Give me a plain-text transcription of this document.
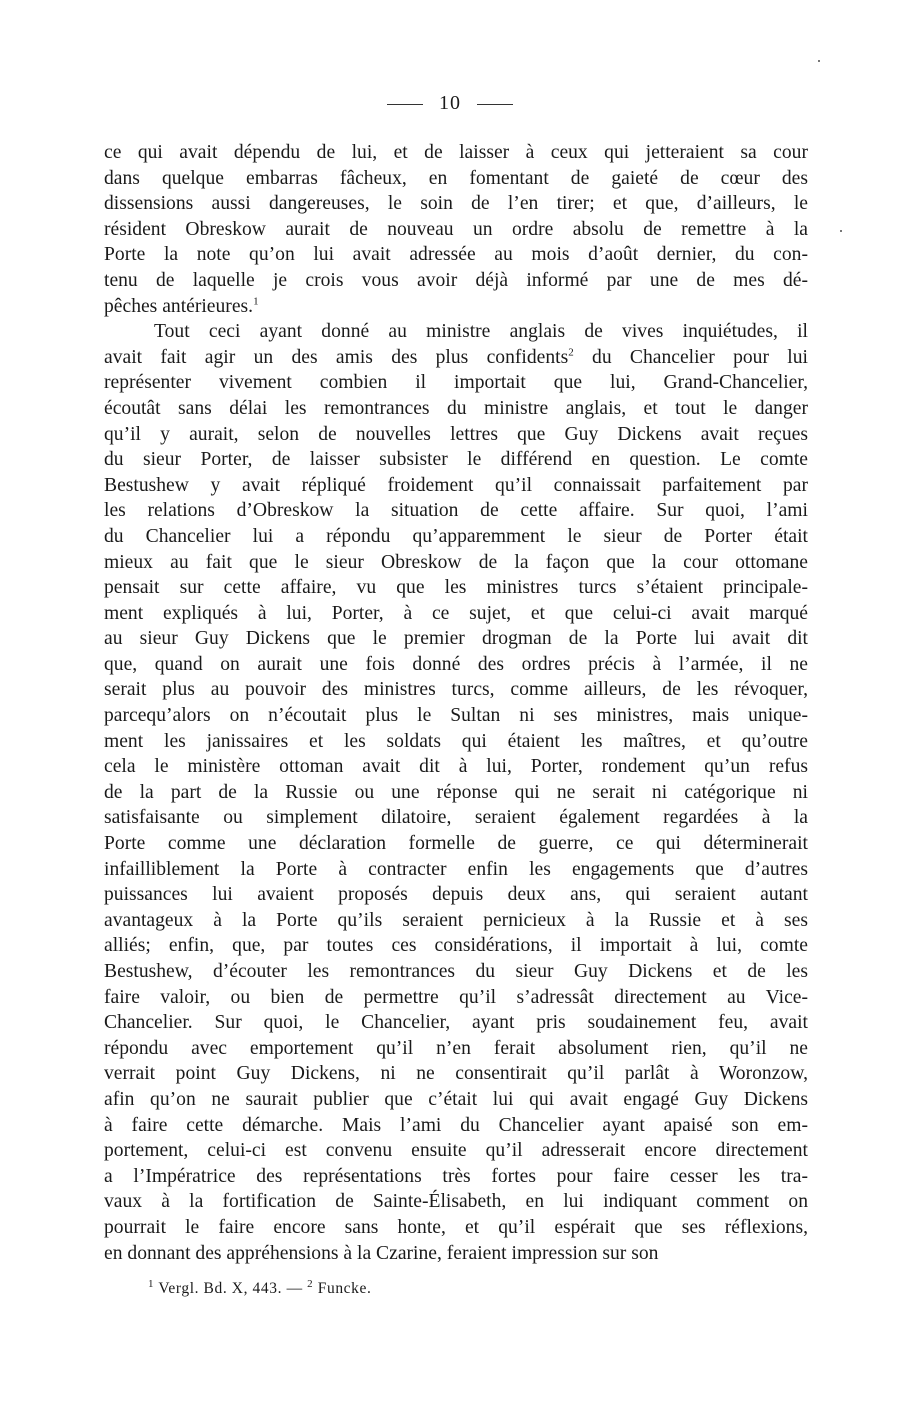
10
ce qui avait dépendu de lui, et de laisser à ceux qui jetteraient sa cour
dans quelque embarras fâcheux, en fomentant de gaieté de cœur des
dissensions aussi dangereuses, le soin de l’en tirer; et que, d’ailleurs, le
résident Obreskow aurait de nouveau un ordre absolu de remettre à la
Porte la note qu’on lui avait adressée au mois d’août dernier, du con-
tenu de laquelle je crois vous avoir déjà informé par une de mes dé-
pêches antérieures.$^1$
Tout ceci ayant donné au ministre anglais de vives inquiétudes, il
avait fait agir un des amis des plus confidents$^2$ du Chancelier pour lui
représenter vivement combien il importait que lui, Grand-Chancelier,
écoutât sans délai les remontrances du ministre anglais, et tout le danger
qu’il y aurait, selon de nouvelles lettres que Guy Dickens avait reçues
du sieur Porter, de laisser subsister le différend en question. Le comte
Bestushew y avait répliqué froidement qu’il connaissait parfaitement par
les relations d’Obreskow la situation de cette affaire. Sur quoi, l’ami
du Chancelier lui a répondu qu’apparemment le sieur de Porter était
mieux au fait que le sieur Obreskow de la façon que la cour ottomane
pensait sur cette affaire, vu que les ministres turcs s’étaient principale-
ment expliqués à lui, Porter, à ce sujet, et que celui-ci avait marqué
au sieur Guy Dickens que le premier drogman de la Porte lui avait dit
que, quand on aurait une fois donné des ordres précis à l’armée, il ne
serait plus au pouvoir des ministres turcs, comme ailleurs, de les révoquer,
parcequ’alors on n’écoutait plus le Sultan ni ses ministres, mais unique-
ment les janissaires et les soldats qui étaient les maîtres, et qu’outre
cela le ministère ottoman avait dit à lui, Porter, rondement qu’un refus
de la part de la Russie ou une réponse qui ne serait ni catégorique ni
satisfaisante ou simplement dilatoire, seraient également regardées à la
Porte comme une déclaration formelle de guerre, ce qui déterminerait
infailliblement la Porte à contracter enfin les engagements que d’autres
puissances lui avaient proposés depuis deux ans, qui seraient autant
avantageux à la Porte qu’ils seraient pernicieux à la Russie et à ses
alliés; enfin, que, par toutes ces considérations, il importait à lui, comte
Bestushew, d’écouter les remontrances du sieur Guy Dickens et de les
faire valoir, ou bien de permettre qu’il s’adressât directement au Vice-
Chancelier. Sur quoi, le Chancelier, ayant pris soudainement feu, avait
répondu avec emportement qu’il n’en ferait absolument rien, qu’il ne
verrait point Guy Dickens, ni ne consentirait qu’il parlât à Woronzow,
afin qu’on ne saurait publier que c’était lui qui avait engagé Guy Dickens
à faire cette démarche. Mais l’ami du Chancelier ayant apaisé son em-
portement, celui-ci est convenu ensuite qu’il adresserait encore directement
a l’Impératrice des représentations très fortes pour faire cesser les tra-
vaux à la fortification de Sainte-Élisabeth, en lui indiquant comment on
pourrait le faire encore sans honte, et qu’il espérait que ses réflexions,
en donnant des appréhensions à la Czarine, feraient impression sur son
$^1$ Vergl. Bd. X, 443. — $^2$ Funcke.
